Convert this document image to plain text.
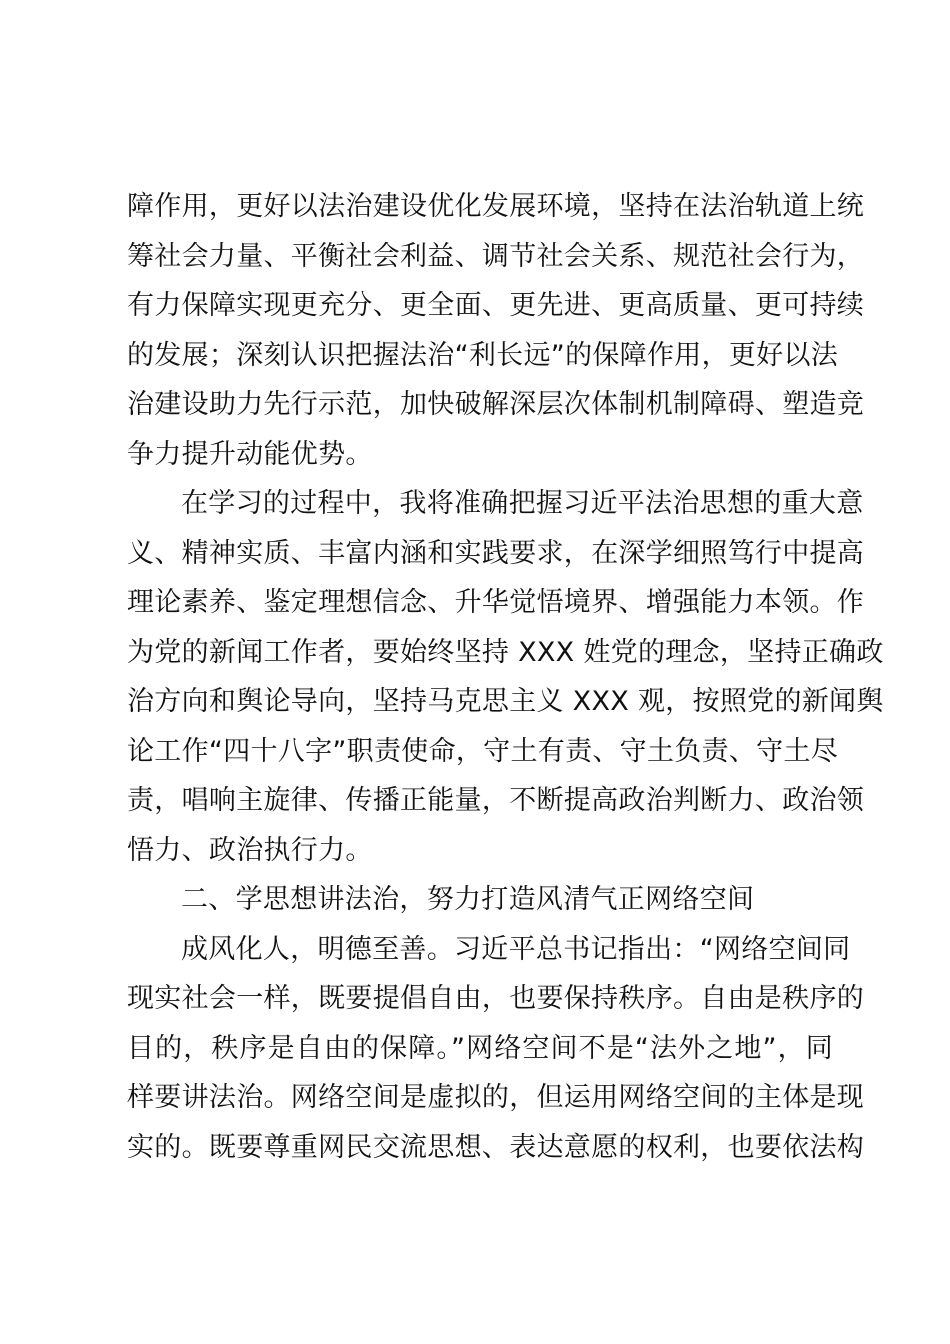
障作用，更好以法治建设优化发展环境，坚持在法治轨道上统
筹社会力量、平衡社会利益、调节社会关系、规范社会行为，
有力保障实现更充分、更全面、更先进、更高质量、更可持续
的发展；深刻认识把握法治“利长远”的保障作用，更好以法
治建设助力先行示范，加快破解深层次体制机制障碍、塑造竞
争力提升动能优势。
在学习的过程中，我将准确把握习近平法治思想的重大意
义、精神实质、丰富内涵和实践要求，在深学细照笃行中提高
理论素养、鉴定理想信念、升华觉悟境界、增强能力本领。作
为党的新闻工作者，要始终坚持 XXX 姓党的理念，坚持正确政
治方向和舆论导向，坚持马克思主义 XXX 观，按照党的新闻舆
论工作“四十八字”职责使命，守土有责、守土负责、守土尽
责，唱响主旋律、传播正能量，不断提高政治判断力、政治领
悟力、政治执行力。
二、学思想讲法治，努力打造风清气正网络空间
成风化人，明德至善。习近平总书记指出：“网络空间同
现实社会一样，既要提倡自由，也要保持秩序。自由是秩序的
目的，秩序是自由的保障。”网络空间不是“法外之地”，同
样要讲法治。网络空间是虚拟的，但运用网络空间的主体是现
实的。既要尊重网民交流思想、表达意愿的权利，也要依法构
